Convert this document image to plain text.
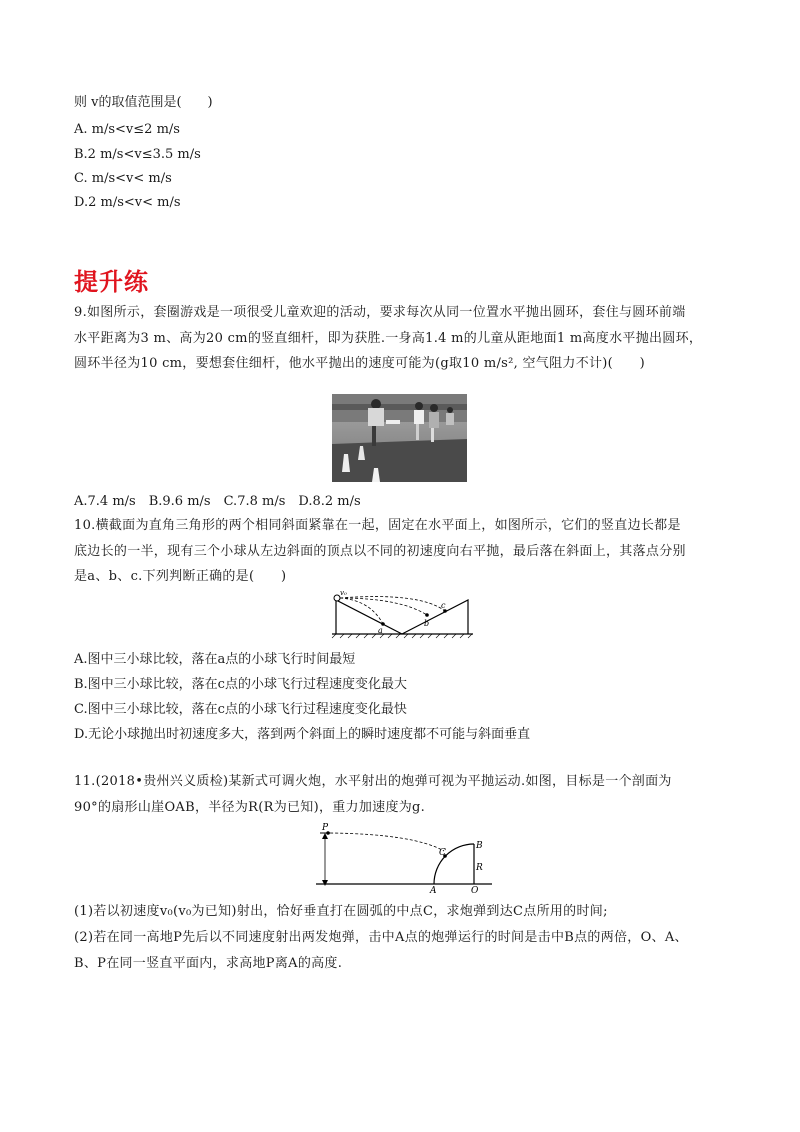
则 v的取值范围是(　　)
A. m/s<v≤2 m/s
B.2 m/s<v≤3.5 m/s
C. m/s<v< m/s
D.2 m/s<v< m/s
提升练
9.如图所示，套圈游戏是一项很受儿童欢迎的活动，要求每次从同一位置水平抛出圆环，套住与圆环前端
水平距离为3 m、高为20 cm的竖直细杆，即为获胜.一身高1.4 m的儿童从距地面1 m高度水平抛出圆环，
圆环半径为10 cm，要想套住细杆，他水平抛出的速度可能为(g取10 m/s², 空气阻力不计)(　　)
A.7.4 m/s　B.9.6 m/s　C.7.8 m/s　D.8.2 m/s
10.横截面为直角三角形的两个相同斜面紧靠在一起，固定在水平面上，如图所示，它们的竖直边长都是
底边长的一半，现有三个小球从左边斜面的顶点以不同的初速度向右平抛，最后落在斜面上，其落点分别
是a、b、c.下列判断正确的是(　　)
v₀
a
b
c
A.图中三小球比较，落在a点的小球飞行时间最短
B.图中三小球比较，落在c点的小球飞行过程速度变化最大
C.图中三小球比较，落在c点的小球飞行过程速度变化最快
D.无论小球抛出时初速度多大，落到两个斜面上的瞬时速度都不可能与斜面垂直
11.(2018•贵州兴义质检)某新式可调火炮，水平射出的炮弹可视为平抛运动.如图，目标是一个剖面为
90°的扇形山崖OAB，半径为R(R为已知)，重力加速度为g.
P
C
B
R
A	O
(1)若以初速度v₀(v₀为已知)射出，恰好垂直打在圆弧的中点C，求炮弹到达C点所用的时间;
(2)若在同一高地P先后以不同速度射出两发炮弹，击中A点的炮弹运行的时间是击中B点的两倍，O、A、
B、P在同一竖直平面内，求高地P离A的高度.
